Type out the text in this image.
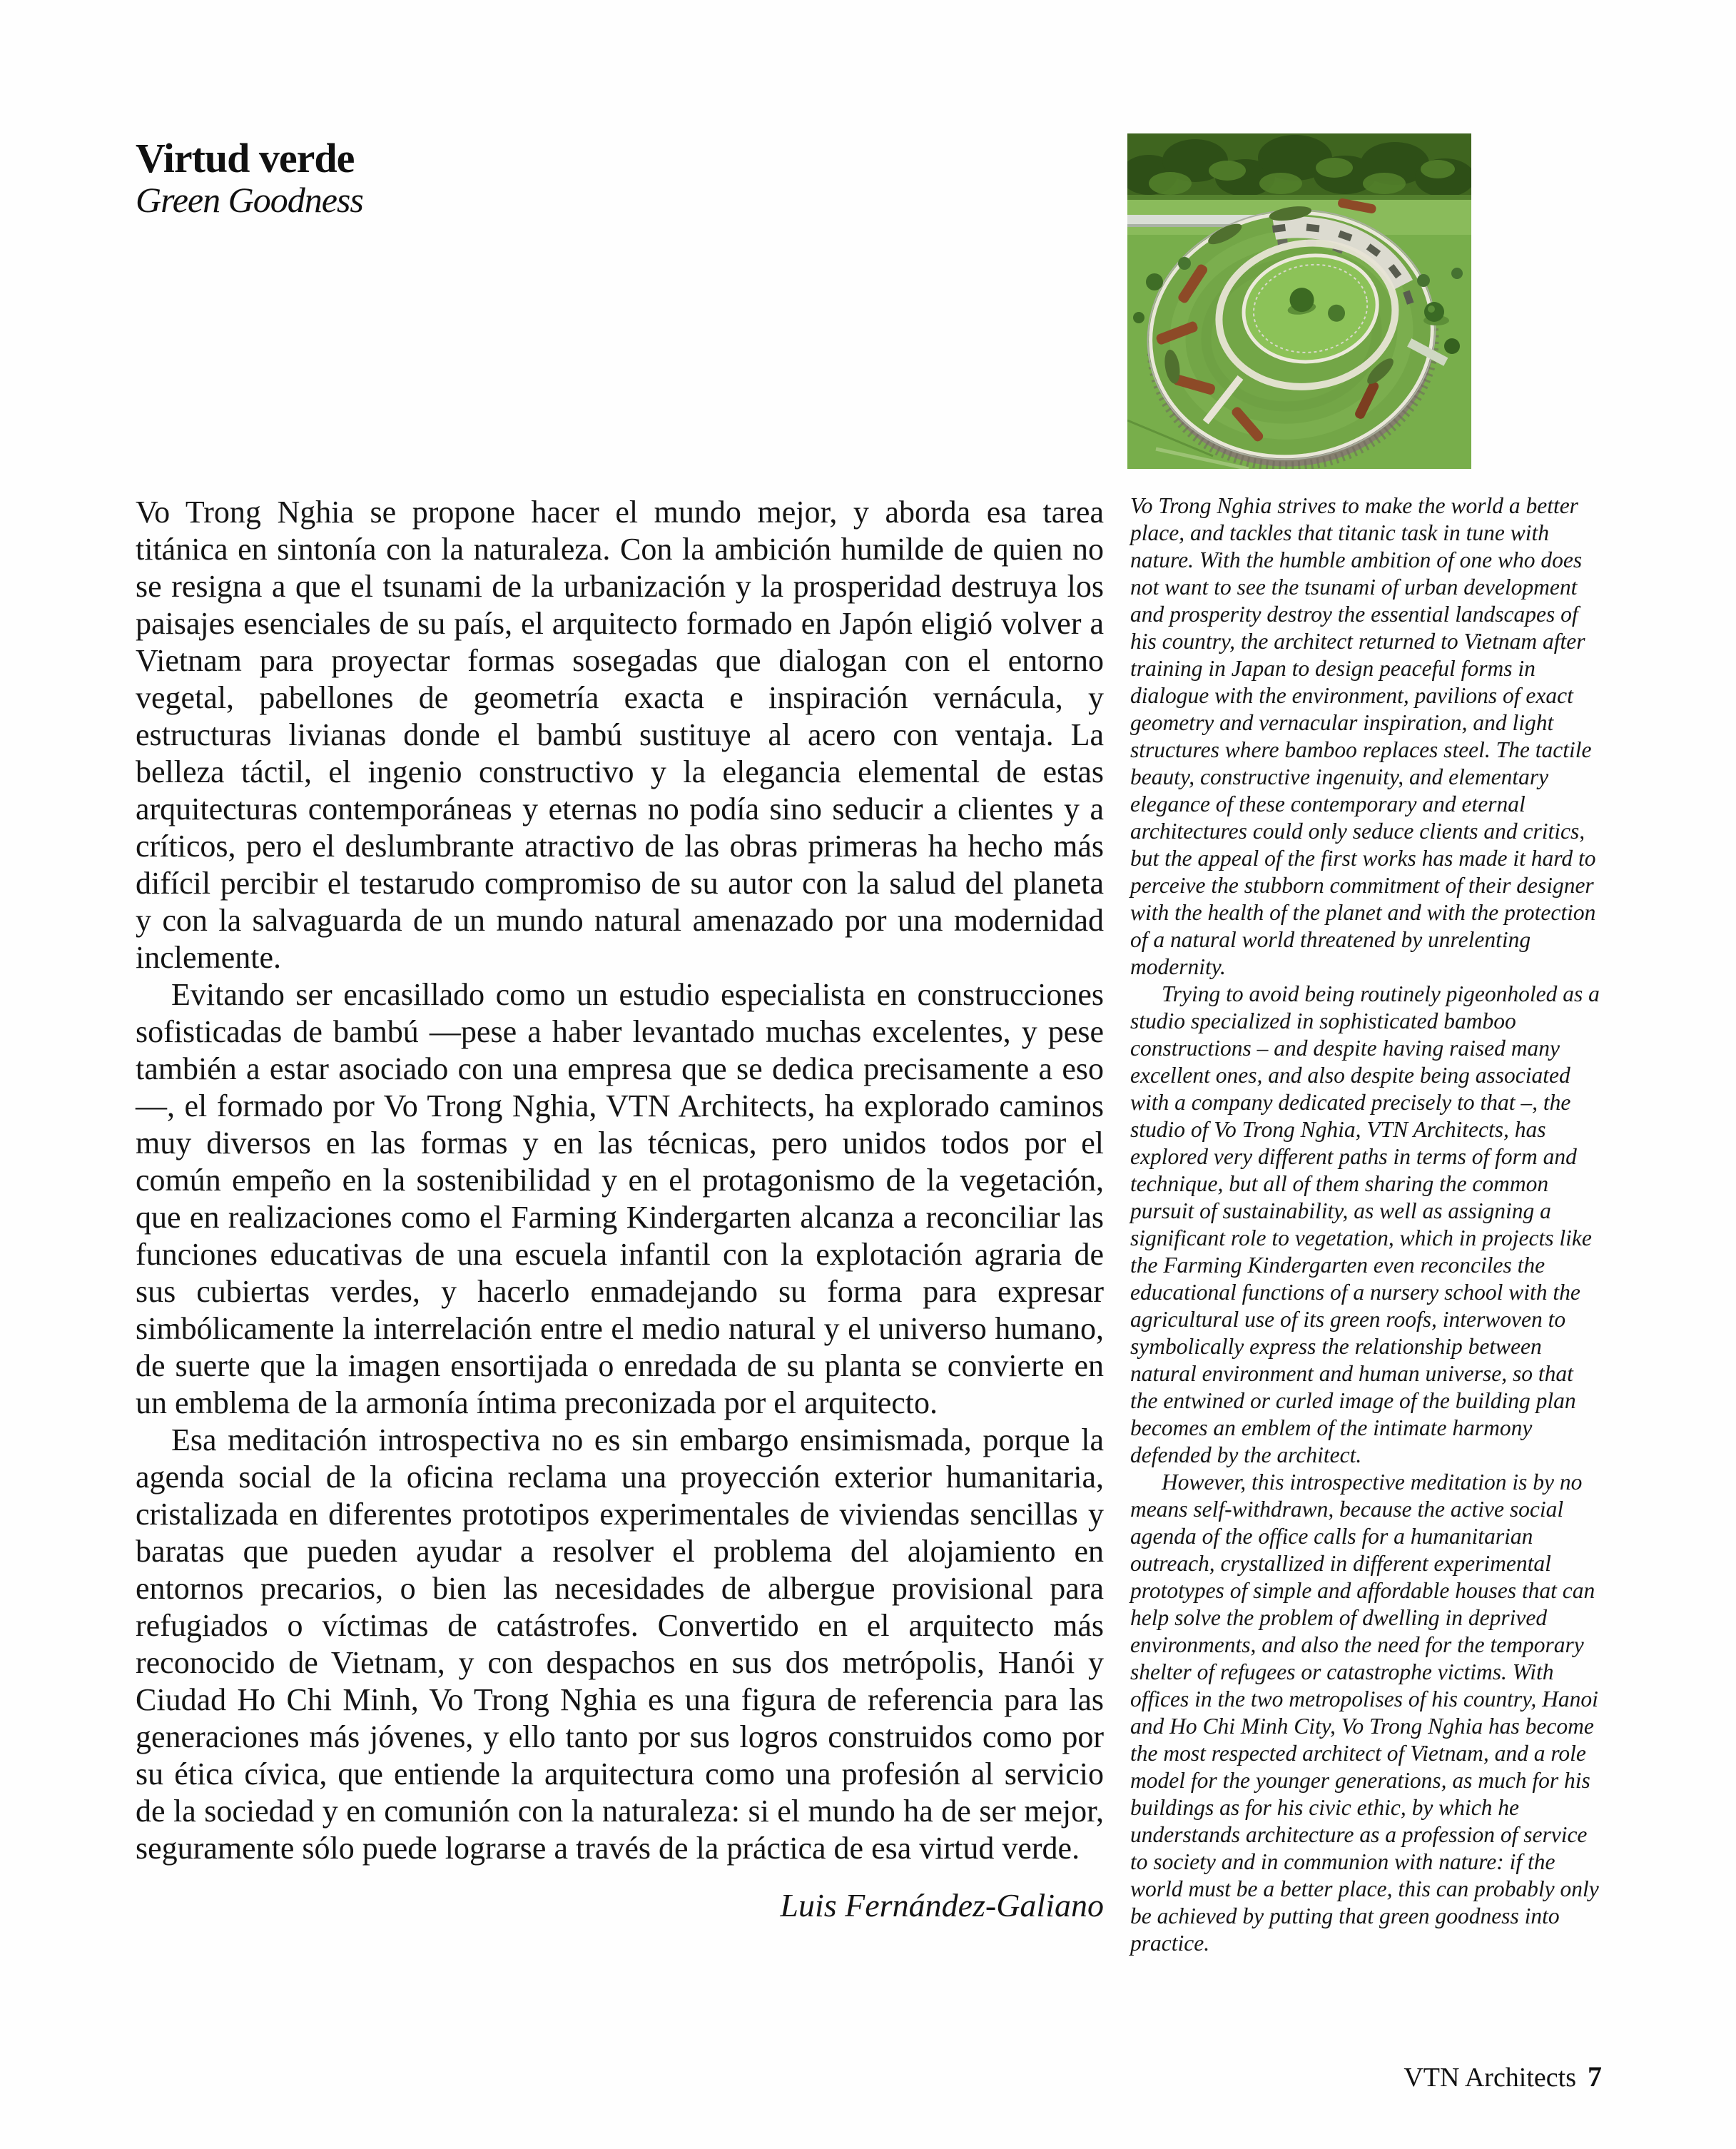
Virtud verde
Green Goodness

Vo Trong Nghia se propone hacer el mundo mejor, y aborda esa tarea titánica en sintonía con la naturaleza. Con la ambición humilde de quien no se resigna a que el tsunami de la urbanización y la prosperidad destruya los paisajes esenciales de su país, el arquitecto formado en Japón eligió volver a Vietnam para proyectar formas sosegadas que dialogan con el entorno vegetal, pabellones de geometría exacta e inspiración vernácula, y estructuras livianas donde el bambú sustituye al acero con ventaja. La belleza táctil, el ingenio constructivo y la elegancia elemental de estas arquitecturas contemporáneas y eternas no podía sino seducir a clientes y a críticos, pero el deslumbrante atractivo de las obras primeras ha hecho más difícil percibir el testarudo compromiso de su autor con la salud del planeta y con la salvaguarda de un mundo natural amenazado por una modernidad inclemente.

Evitando ser encasillado como un estudio especialista en construcciones sofisticadas de bambú —pese a haber levantado muchas excelentes, y pese también a estar asociado con una empresa que se dedica precisamente a eso—, el formado por Vo Trong Nghia, VTN Architects, ha explorado caminos muy diversos en las formas y en las técnicas, pero unidos todos por el común empeño en la sostenibilidad y en el protagonismo de la vegetación, que en realizaciones como el Farming Kindergarten alcanza a reconciliar las funciones educativas de una escuela infantil con la explotación agraria de sus cubiertas verdes, y hacerlo enmadejando su forma para expresar simbólicamente la interrelación entre el medio natural y el universo humano, de suerte que la imagen ensortijada o enredada de su planta se convierte en un emblema de la armonía íntima preconizada por el arquitecto.

Esa meditación introspectiva no es sin embargo ensimismada, porque la agenda social de la oficina reclama una proyección exterior humanitaria, cristalizada en diferentes prototipos experimentales de viviendas sencillas y baratas que pueden ayudar a resolver el problema del alojamiento en entornos precarios, o bien las necesidades de albergue provisional para refugiados o víctimas de catástrofes. Convertido en el arquitecto más reconocido de Vietnam, y con despachos en sus dos metrópolis, Hanói y Ciudad Ho Chi Minh, Vo Trong Nghia es una figura de referencia para las generaciones más jóvenes, y ello tanto por sus logros construidos como por su ética cívica, que entiende la arquitectura como una profesión al servicio de la sociedad y en comunión con la naturaleza: si el mundo ha de ser mejor, seguramente sólo puede lograrse a través de la práctica de esa virtud verde.

Luis Fernández-Galiano

Vo Trong Nghia strives to make the world a better place, and tackles that titanic task in tune with nature. With the humble ambition of one who does not want to see the tsunami of urban development and prosperity destroy the essential landscapes of his country, the architect returned to Vietnam after training in Japan to design peaceful forms in dialogue with the environment, pavilions of exact geometry and vernacular inspiration, and light structures where bamboo replaces steel. The tactile beauty, constructive ingenuity, and elementary elegance of these contemporary and eternal architectures could only seduce clients and critics, but the appeal of the first works has made it hard to perceive the stubborn commitment of their designer with the health of the planet and with the protection of a natural world threatened by unrelenting modernity.

Trying to avoid being routinely pigeonholed as a studio specialized in sophisticated bamboo constructions – and despite having raised many excellent ones, and also despite being associated with a company dedicated precisely to that –, the studio of Vo Trong Nghia, VTN Architects, has explored very different paths in terms of form and technique, but all of them sharing the common pursuit of sustainability, as well as assigning a significant role to vegetation, which in projects like the Farming Kindergarten even reconciles the educational functions of a nursery school with the agricultural use of its green roofs, interwoven to symbolically express the relationship between natural environment and human universe, so that the entwined or curled image of the building plan becomes an emblem of the intimate harmony defended by the architect.

However, this introspective meditation is by no means self-withdrawn, because the active social agenda of the office calls for a humanitarian outreach, crystallized in different experimental prototypes of simple and affordable houses that can help solve the problem of dwelling in deprived environments, and also the need for the temporary shelter of refugees or catastrophe victims. With offices in the two metropolises of his country, Hanoi and Ho Chi Minh City, Vo Trong Nghia has become the most respected architect of Vietnam, and a role model for the younger generations, as much for his buildings as for his civic ethic, by which he understands architecture as a profession of service to society and in communion with nature: if the world must be a better place, this can probably only be achieved by putting that green goodness into practice.

VTN Architects 7
